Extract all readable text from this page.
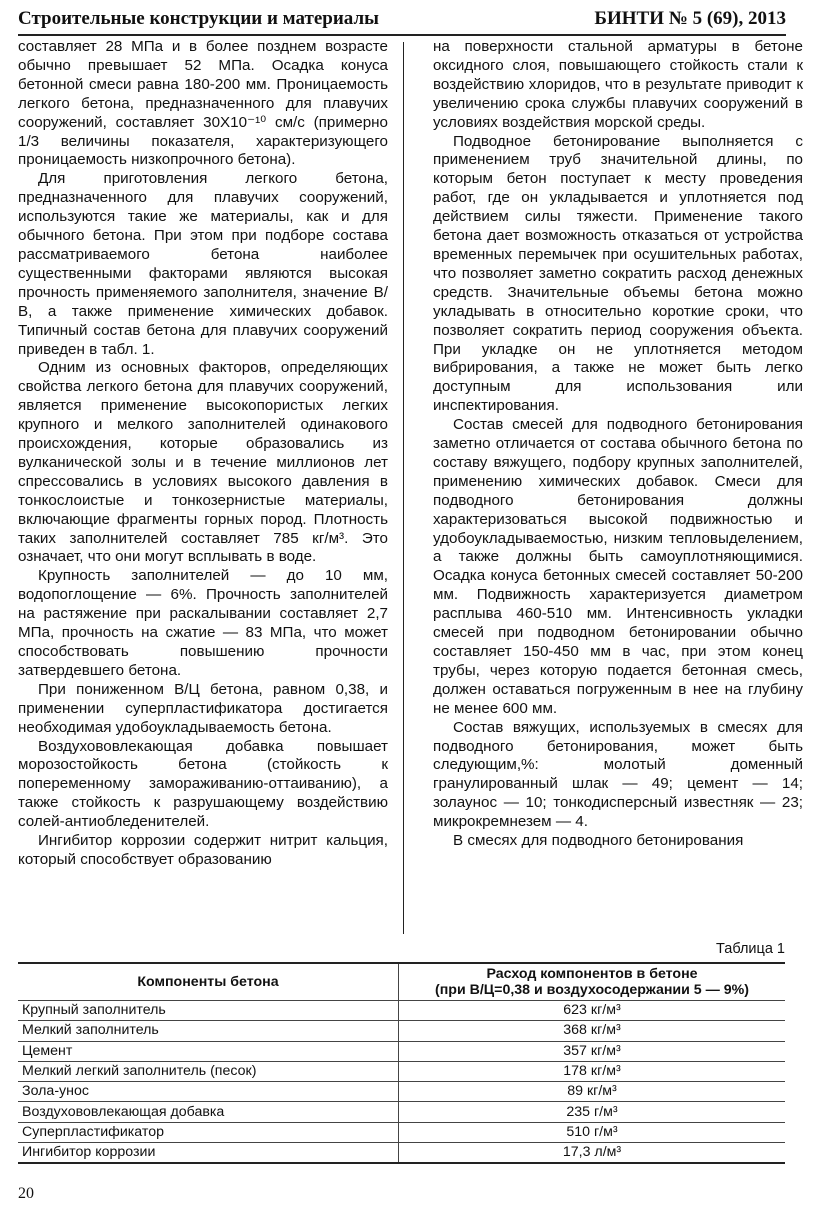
Строительные конструкции и материалы	БИНТИ № 5 (69), 2013

составляет 28 МПа и в более позднем возрасте обычно превышает 52 МПа. Осадка конуса бетонной смеси равна 180-200 мм. Проницаемость легкого бетона, предназначенного для плавучих сооружений, составляет 30Х10⁻¹⁰ см/с (примерно 1/3 величины показателя, характеризующего проницаемость низкопрочного бетона).

Для приготовления легкого бетона, предназначенного для плавучих сооружений, используются такие же материалы, как и для обычного бетона. При этом при подборе состава рассматриваемого бетона наиболее существенными факторами являются высокая прочность применяемого заполнителя, значение В/В, а также применение химических добавок. Типичный состав бетона для плавучих сооружений приведен в табл. 1.

Одним из основных факторов, определяющих свойства легкого бетона для плавучих сооружений, является применение высокопористых легких крупного и мелкого заполнителей одинакового происхождения, которые образовались из вулканической золы и в течение миллионов лет спрессовались в условиях высокого давления в тонкослоистые и тонкозернистые материалы, включающие фрагменты горных пород. Плотность таких заполнителей составляет 785 кг/м³. Это означает, что они могут всплывать в воде.

Крупность заполнителей — до 10 мм, водопоглощение — 6%. Прочность заполнителей на растяжение при раскалывании составляет 2,7 МПа, прочность на сжатие — 83 МПа, что может способствовать повышению прочности затвердевшего бетона.

При пониженном В/Ц бетона, равном 0,38, и применении суперпластификатора достигается необходимая удобоукладываемость бетона.

Воздухововлекающая добавка повышает морозостойкость бетона (стойкость к попеременному замораживанию-оттаиванию), а также стойкость к разрушающему воздействию солей-антиобледенителей.

Ингибитор коррозии содержит нитрит кальция, который способствует образованию

на поверхности стальной арматуры в бетоне оксидного слоя, повышающего стойкость стали к воздействию хлоридов, что в результате приводит к увеличению срока службы плавучих сооружений в условиях воздействия морской среды.

Подводное бетонирование выполняется с применением труб значительной длины, по которым бетон поступает к месту проведения работ, где он укладывается и уплотняется под действием силы тяжести. Применение такого бетона дает возможность отказаться от устройства временных перемычек при осушительных работах, что позволяет заметно сократить расход денежных средств. Значительные объемы бетона можно укладывать в относительно короткие сроки, что позволяет сократить период сооружения объекта. При укладке он не уплотняется методом вибрирования, а также не может быть легко доступным для использования или инспектирования.

Состав смесей для подводного бетонирования заметно отличается от состава обычного бетона по составу вяжущего, подбору крупных заполнителей, применению химических добавок. Смеси для подводного бетонирования должны характеризоваться высокой подвижностью и удобоукладываемостью, низким тепловыделением, а также должны быть самоуплотняющимися. Осадка конуса бетонных смесей составляет 50-200 мм. Подвижность характеризуется диаметром расплыва 460-510 мм. Интенсивность укладки смесей при подводном бетонировании обычно составляет 150-450 мм в час, при этом конец трубы, через которую подается бетонная смесь, должен оставаться погруженным в нее на глубину не менее 600 мм.

Состав вяжущих, используемых в смесях для подводного бетонирования, может быть следующим,%: молотый доменный гранулированный шлак — 49; цемент — 14; золаунос — 10; тонкодисперсный известняк — 23; микрокремнезем — 4.

В смесях для подводного бетонирования

Таблица 1
Компоненты бетона	Расход компонентов в бетоне
(при В/Ц=0,38 и воздухосодержании 5 — 9%)
Крупный заполнитель	623 кг/м³
Мелкий заполнитель	368 кг/м³
Цемент	357 кг/м³
Мелкий легкий заполнитель (песок)	178 кг/м³
Зола-унос	89 кг/м³
Воздухововлекающая добавка	235 г/м³
Суперпластификатор	510 г/м³
Ингибитор коррозии	17,3 л/м³
20
